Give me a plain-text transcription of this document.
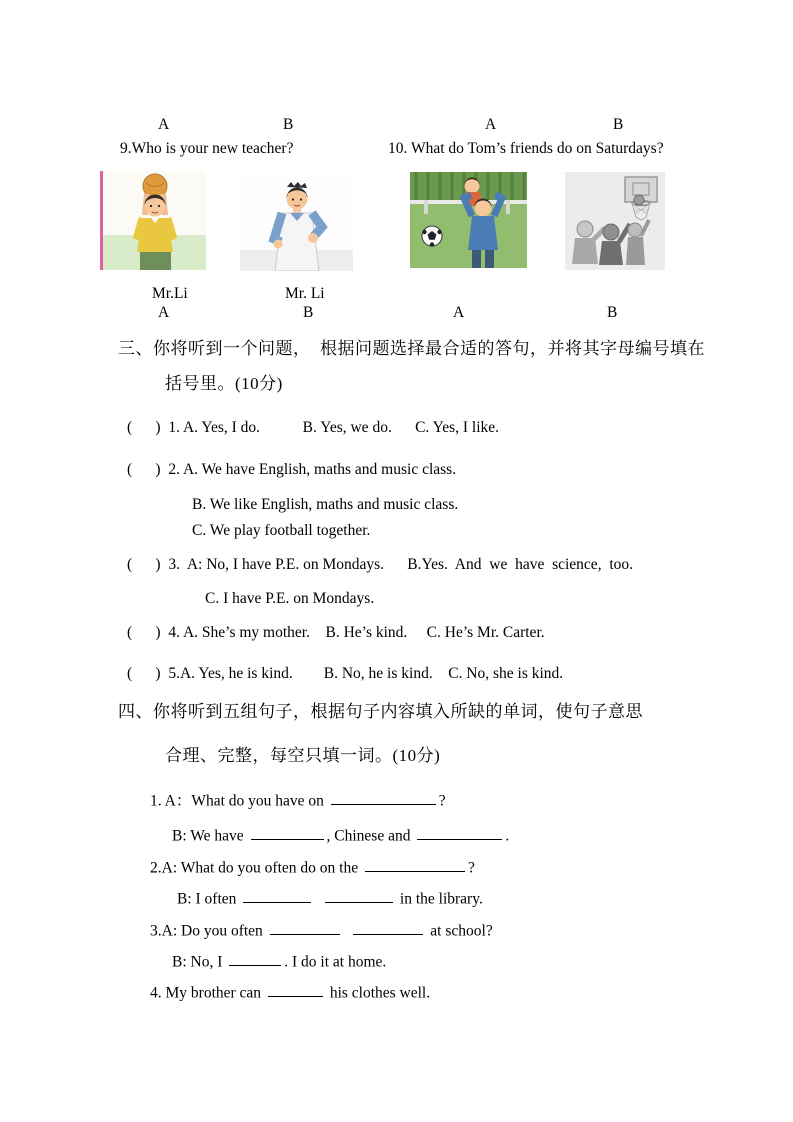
A	B	A	B
9.Who is your new teacher?	10. What do Tom’s friends do on Saturdays?
Mr.Li	Mr. Li
A	B	A	B
三、你将听到一个问题，  根据问题选择最合适的答句，并将其字母编号填在
括号里。(10分)
(      )  1. A. Yes, I do.           B. Yes, we do.      C. Yes, I like.
(      )  2. A. We have English, maths and music class.
B. We like English, maths and music class.
C. We play football together.
(      )  3.  A: No, I have P.E. on Mondays.      B.Yes.  And  we  have  science,  too.
C. I have P.E. on Mondays.
(      )  4. A. She’s my mother.    B. He’s kind.     C. He’s Mr. Carter.
(      )  5.A. Yes, he is kind.        B. No, he is kind.    C. No, she is kind.
四、你将听到五组句子，根据句子内容填入所缺的单词，使句子意思
合理、完整，每空只填一词。(10分)
1. A：What do you have on	?
B: We have	, Chinese and	.
2.A: What do you often do on the	?
B: I often	in the library.
3.A: Do you often	at school?
B: No, I	. I do it at home.
4. My brother can	his clothes well.
